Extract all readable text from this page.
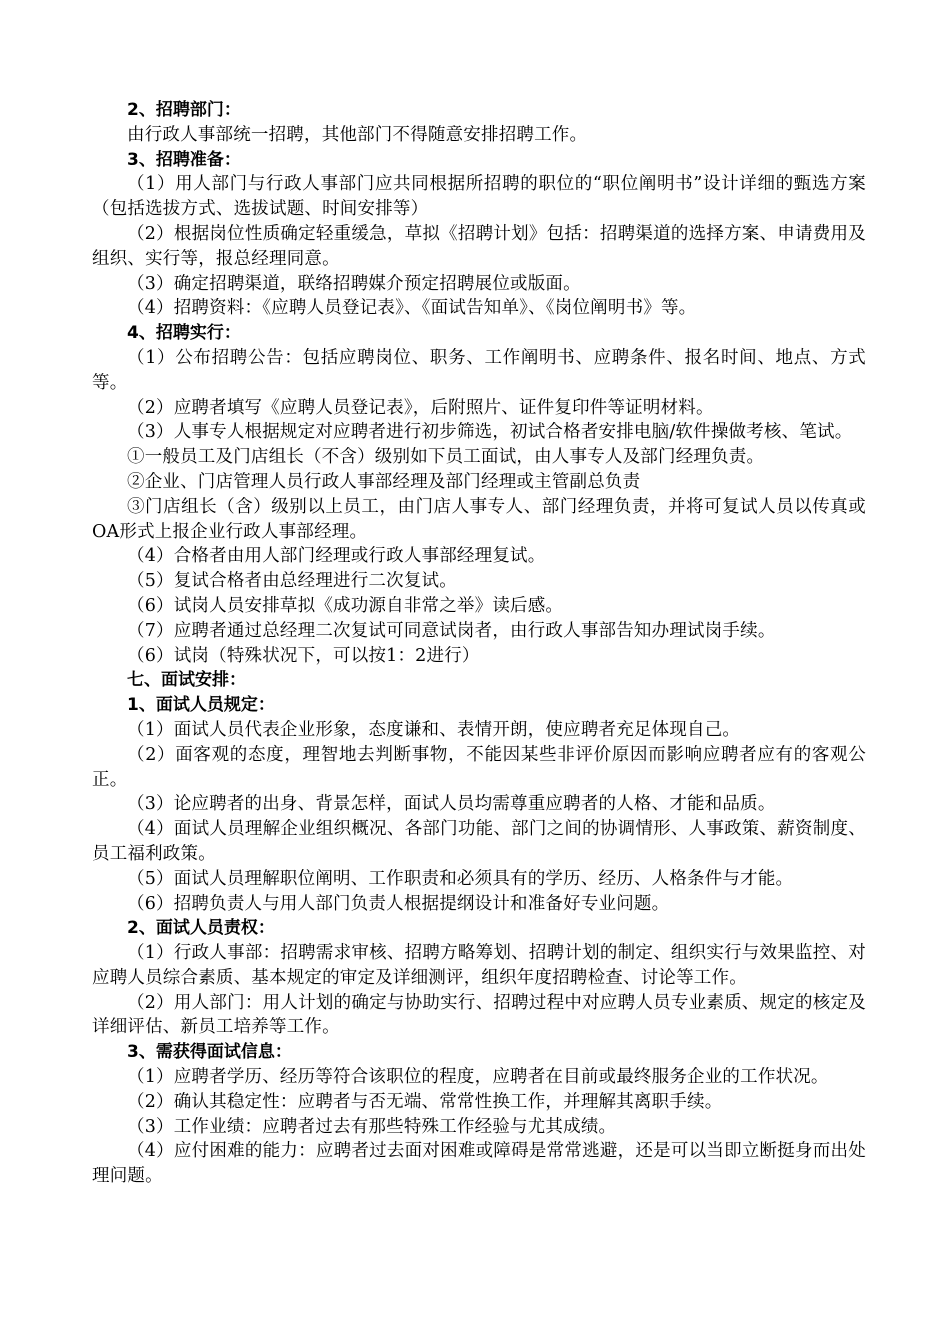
2、招聘部门：
由行政人事部统一招聘，其他部门不得随意安排招聘工作。
3、招聘准备：
（1）用人部门与行政人事部门应共同根据所招聘的职位的“职位阐明书”设计详细的甄选方案（包括选拔方式、选拔试题、时间安排等）
（2）根据岗位性质确定轻重缓急，草拟《招聘计划》包括：招聘渠道的选择方案、申请费用及组织、实行等，报总经理同意。
（3）确定招聘渠道，联络招聘媒介预定招聘展位或版面。
（4）招聘资料：《应聘人员登记表》、《面试告知单》、《岗位阐明书》等。
4、招聘实行：
（1）公布招聘公告：包括应聘岗位、职务、工作阐明书、应聘条件、报名时间、地点、方式等。
（2）应聘者填写《应聘人员登记表》，后附照片、证件复印件等证明材料。
（3）人事专人根据规定对应聘者进行初步筛选，初试合格者安排电脑/软件操做考核、笔试。
①一般员工及门店组长（不含）级别如下员工面试，由人事专人及部门经理负责。
②企业、门店管理人员行政人事部经理及部门经理或主管副总负责
③门店组长（含）级别以上员工，由门店人事专人、部门经理负责，并将可复试人员以传真或OA形式上报企业行政人事部经理。
（4）合格者由用人部门经理或行政人事部经理复试。
（5）复试合格者由总经理进行二次复试。
（6）试岗人员安排草拟《成功源自非常之举》读后感。
（7）应聘者通过总经理二次复试可同意试岗者，由行政人事部告知办理试岗手续。
（6）试岗（特殊状况下，可以按1：2进行）
七、面试安排：
1、面试人员规定：
（1）面试人员代表企业形象，态度谦和、表情开朗，使应聘者充足体现自己。
（2）面客观的态度，理智地去判断事物，不能因某些非评价原因而影响应聘者应有的客观公正。
（3）论应聘者的出身、背景怎样，面试人员均需尊重应聘者的人格、才能和品质。
（4）面试人员理解企业组织概况、各部门功能、部门之间的协调情形、人事政策、薪资制度、员工福利政策。
（5）面试人员理解职位阐明、工作职责和必须具有的学历、经历、人格条件与才能。
（6）招聘负责人与用人部门负责人根据提纲设计和准备好专业问题。
2、面试人员责权：
（1）行政人事部：招聘需求审核、招聘方略筹划、招聘计划的制定、组织实行与效果监控、对应聘人员综合素质、基本规定的审定及详细测评，组织年度招聘检查、讨论等工作。
（2）用人部门：用人计划的确定与协助实行、招聘过程中对应聘人员专业素质、规定的核定及详细评估、新员工培养等工作。
3、需获得面试信息：
（1）应聘者学历、经历等符合该职位的程度，应聘者在目前或最终服务企业的工作状况。
（2）确认其稳定性：应聘者与否无端、常常性换工作，并理解其离职手续。
（3）工作业绩：应聘者过去有那些特殊工作经验与尤其成绩。
（4）应付困难的能力：应聘者过去面对困难或障碍是常常逃避，还是可以当即立断挺身而出处理问题。
